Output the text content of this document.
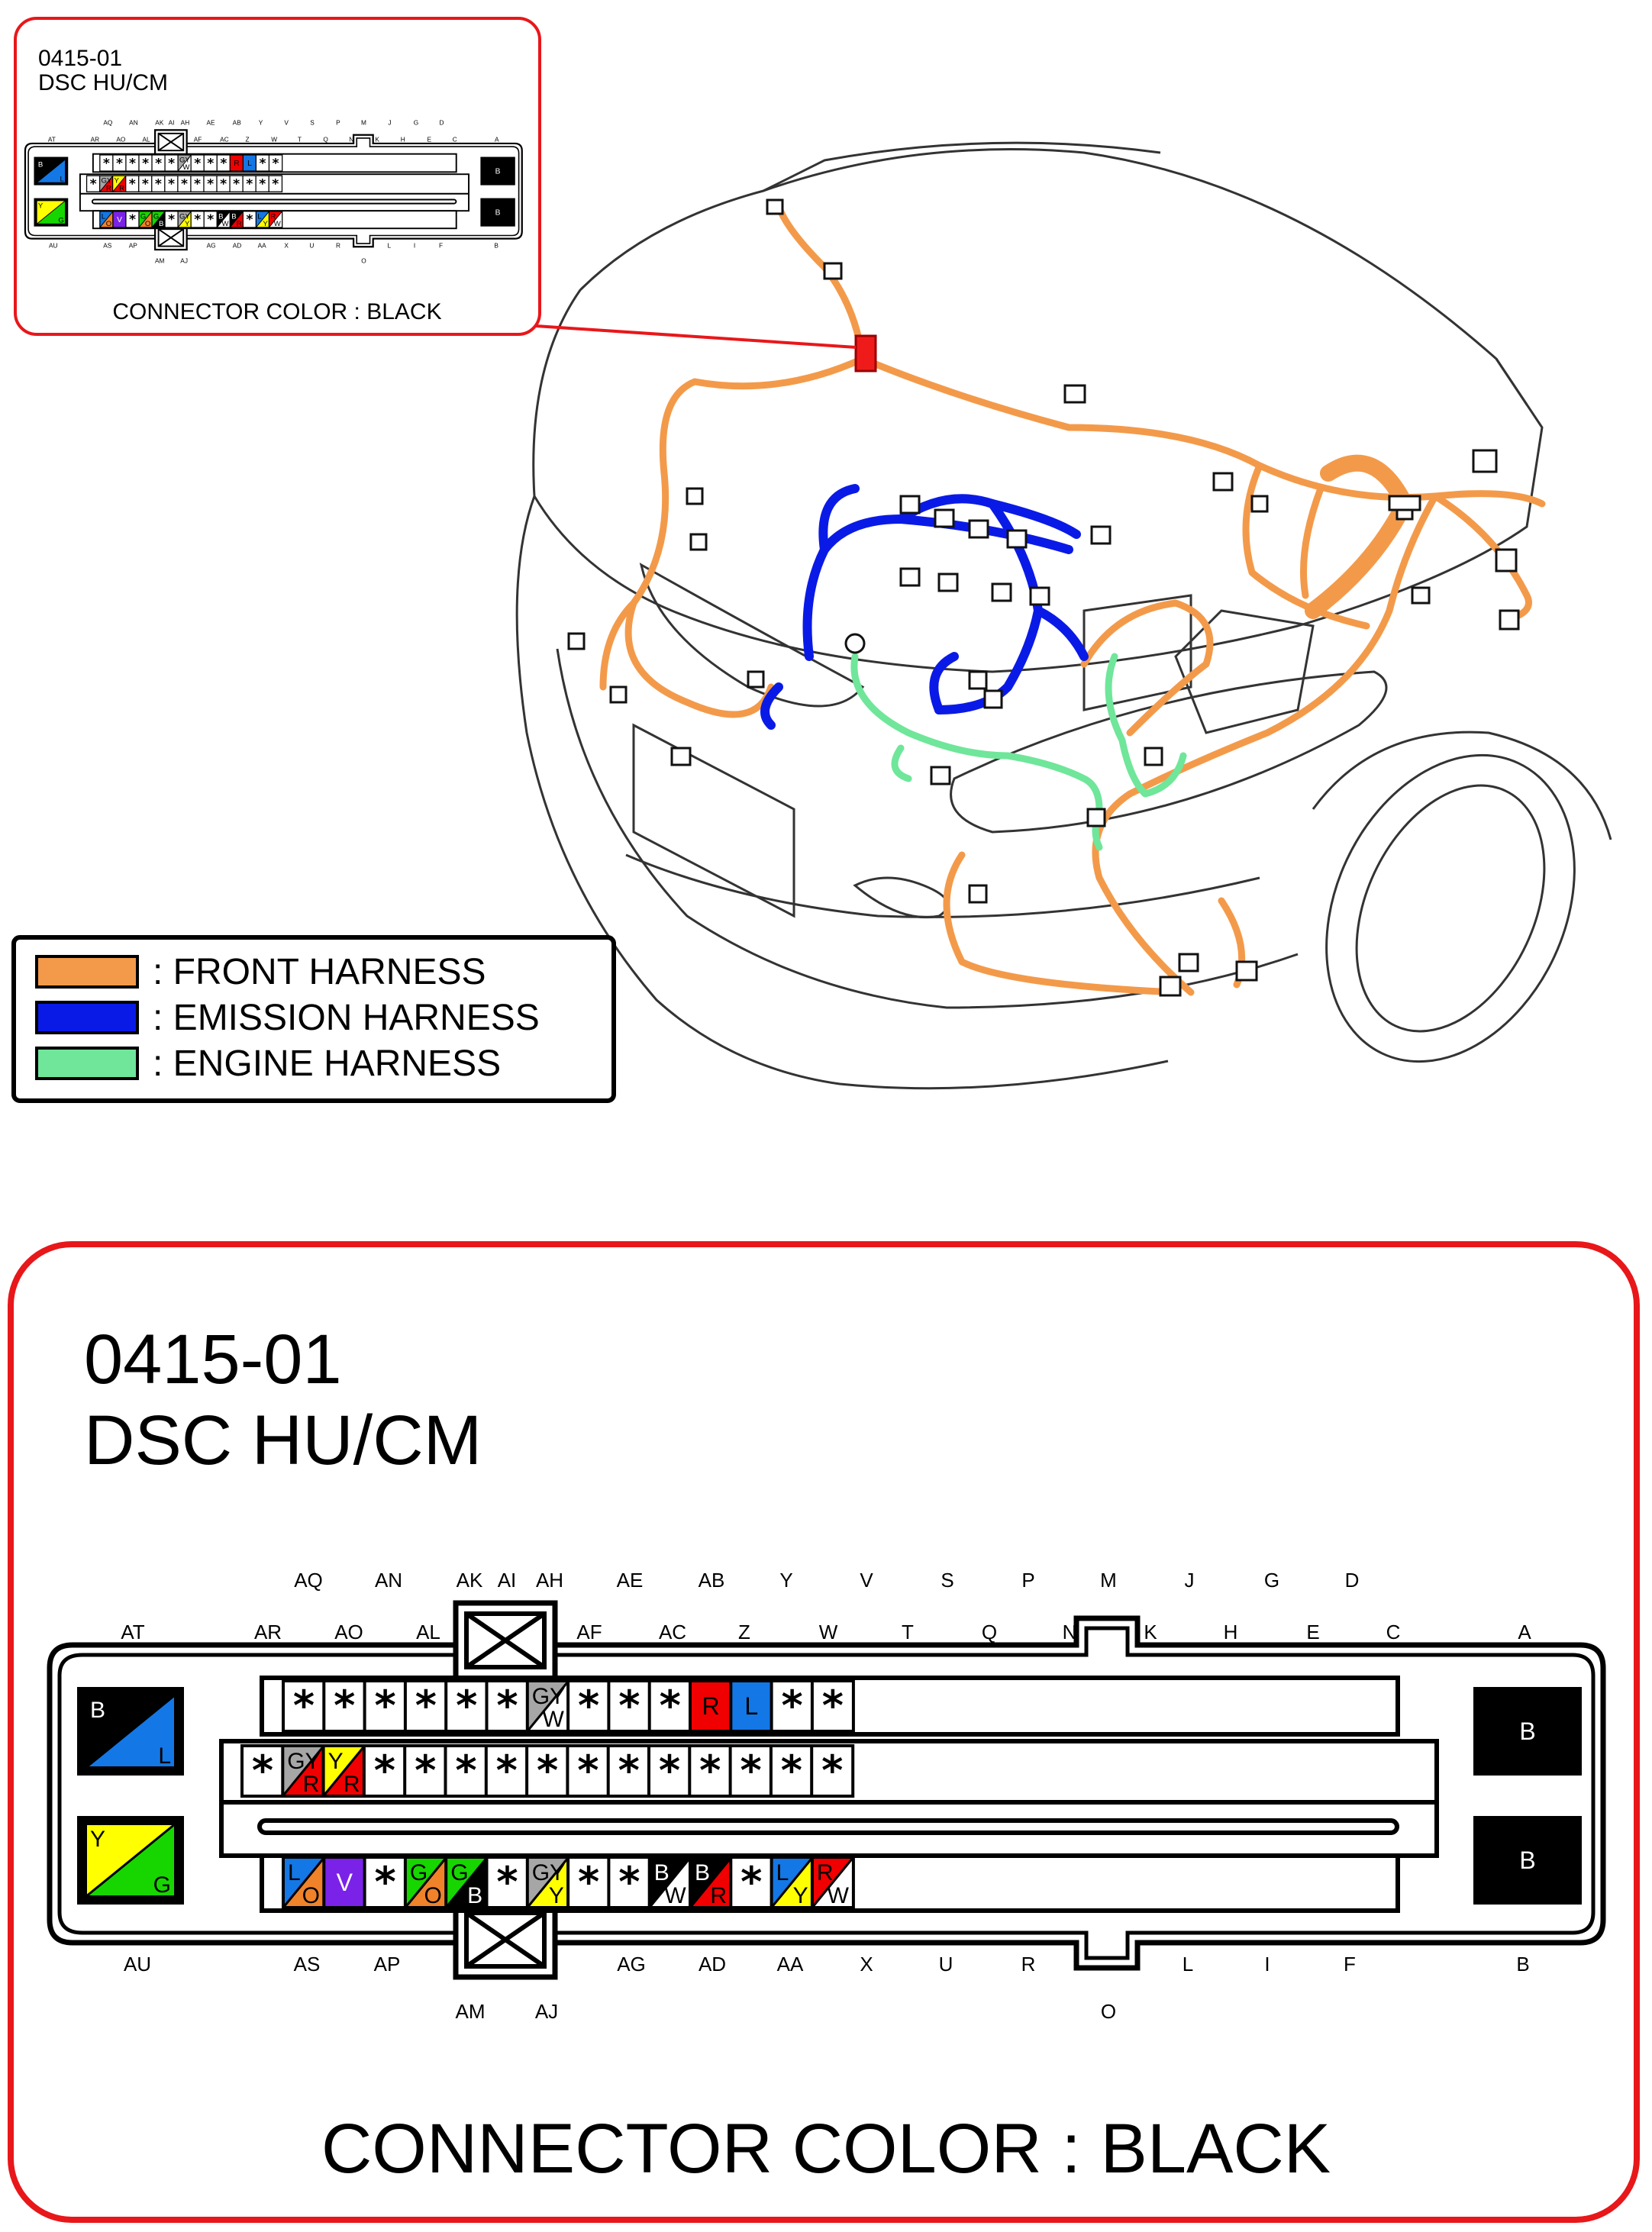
0415-01
DSC HU/CM
* * * * * * GY
W * * * R L * *
* GY
R
Y
R * * * * * * * * * * * *
L
O V * G
O
G
B * GY
Y * * B
W
B
R * L
Y
R
W
B
L
Y
G
B
B
AQ AN AK AI AH AE AB Y V S P M J G D
AT AR AO AL AF AC Z W T Q N K H E C A
AU AS AP	AG AD AA X U R L I F	B
AM AJ	O
CONNECTOR COLOR : BLACK
: FRONT HARNESS
: EMISSION HARNESS
: ENGINE HARNESS
0415-01
DSC HU/CM
* * * * * * GY
W * * * R L * *
* GY
R
Y
R * * * * * * * * * * * *
L
O V * G
O
G
B * GY
Y * * B
W
B
R * L
Y
R
W
B
L
Y
G
B
B
AQ	AN	AK AI AH	AE	AB	Y	V	S	P	M	J	G	D
AT	AR	AO	AL	AF	AC	Z	W	T	Q	N	K	H	E	C	A
AU	AS	AP	AG	AD	AA	X	U	R	L	I	F	B
AM	AJ	O
CONNECTOR COLOR : BLACK
